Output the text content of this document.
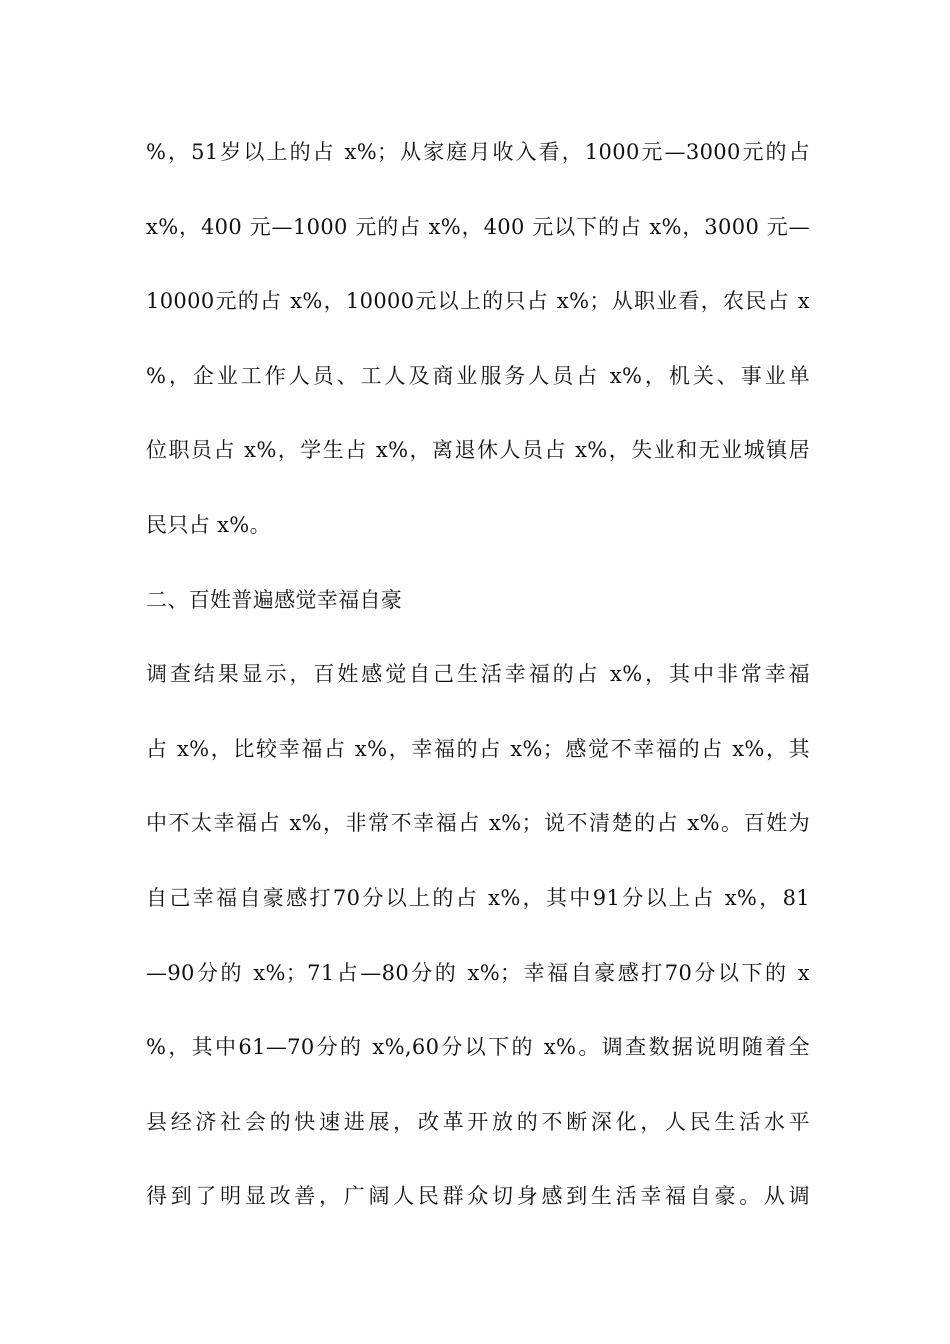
%，51岁以上的占 x%；从家庭月收入看，1000元—3000元的占
x%，400 元—1000 元的占 x%，400 元以下的占 x%，3000 元—
10000元的占 x%，10000元以上的只占 x%；从职业看，农民占 x
%，企业工作人员、工人及商业服务人员占 x%，机关、事业单
位职员占 x%，学生占 x%，离退休人员占 x%，失业和无业城镇居
民只占 x%。
二、百姓普遍感觉幸福自豪
调查结果显示，百姓感觉自己生活幸福的占 x%，其中非常幸福
占 x%，比较幸福占 x%，幸福的占 x%；感觉不幸福的占 x%，其
中不太幸福占 x%，非常不幸福占 x%；说不清楚的占 x%。百姓为
自己幸福自豪感打70分以上的占 x%，其中91分以上占 x%，81
—90分的 x%；71占—80分的 x%；幸福自豪感打70分以下的 x
%，其中61—70分的 x%,60分以下的 x%。调查数据说明随着全
县经济社会的快速进展，改革开放的不断深化，人民生活水平
得到了明显改善，广阔人民群众切身感到生活幸福自豪。从调
